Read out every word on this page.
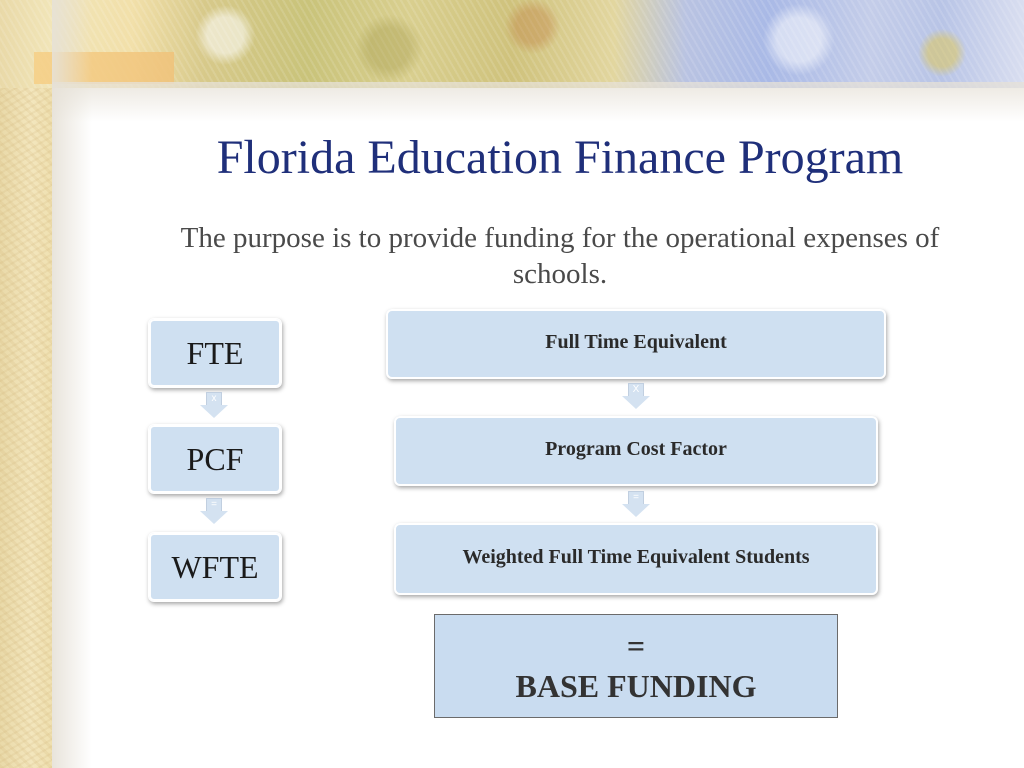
Florida Education Finance Program

The purpose is to provide funding for the operational expenses of schools.

FTE
x
PCF
=
WFTE
Full Time Equivalent
X
Program Cost Factor
=
Weighted Full Time Equivalent Students
=
BASE FUNDING
